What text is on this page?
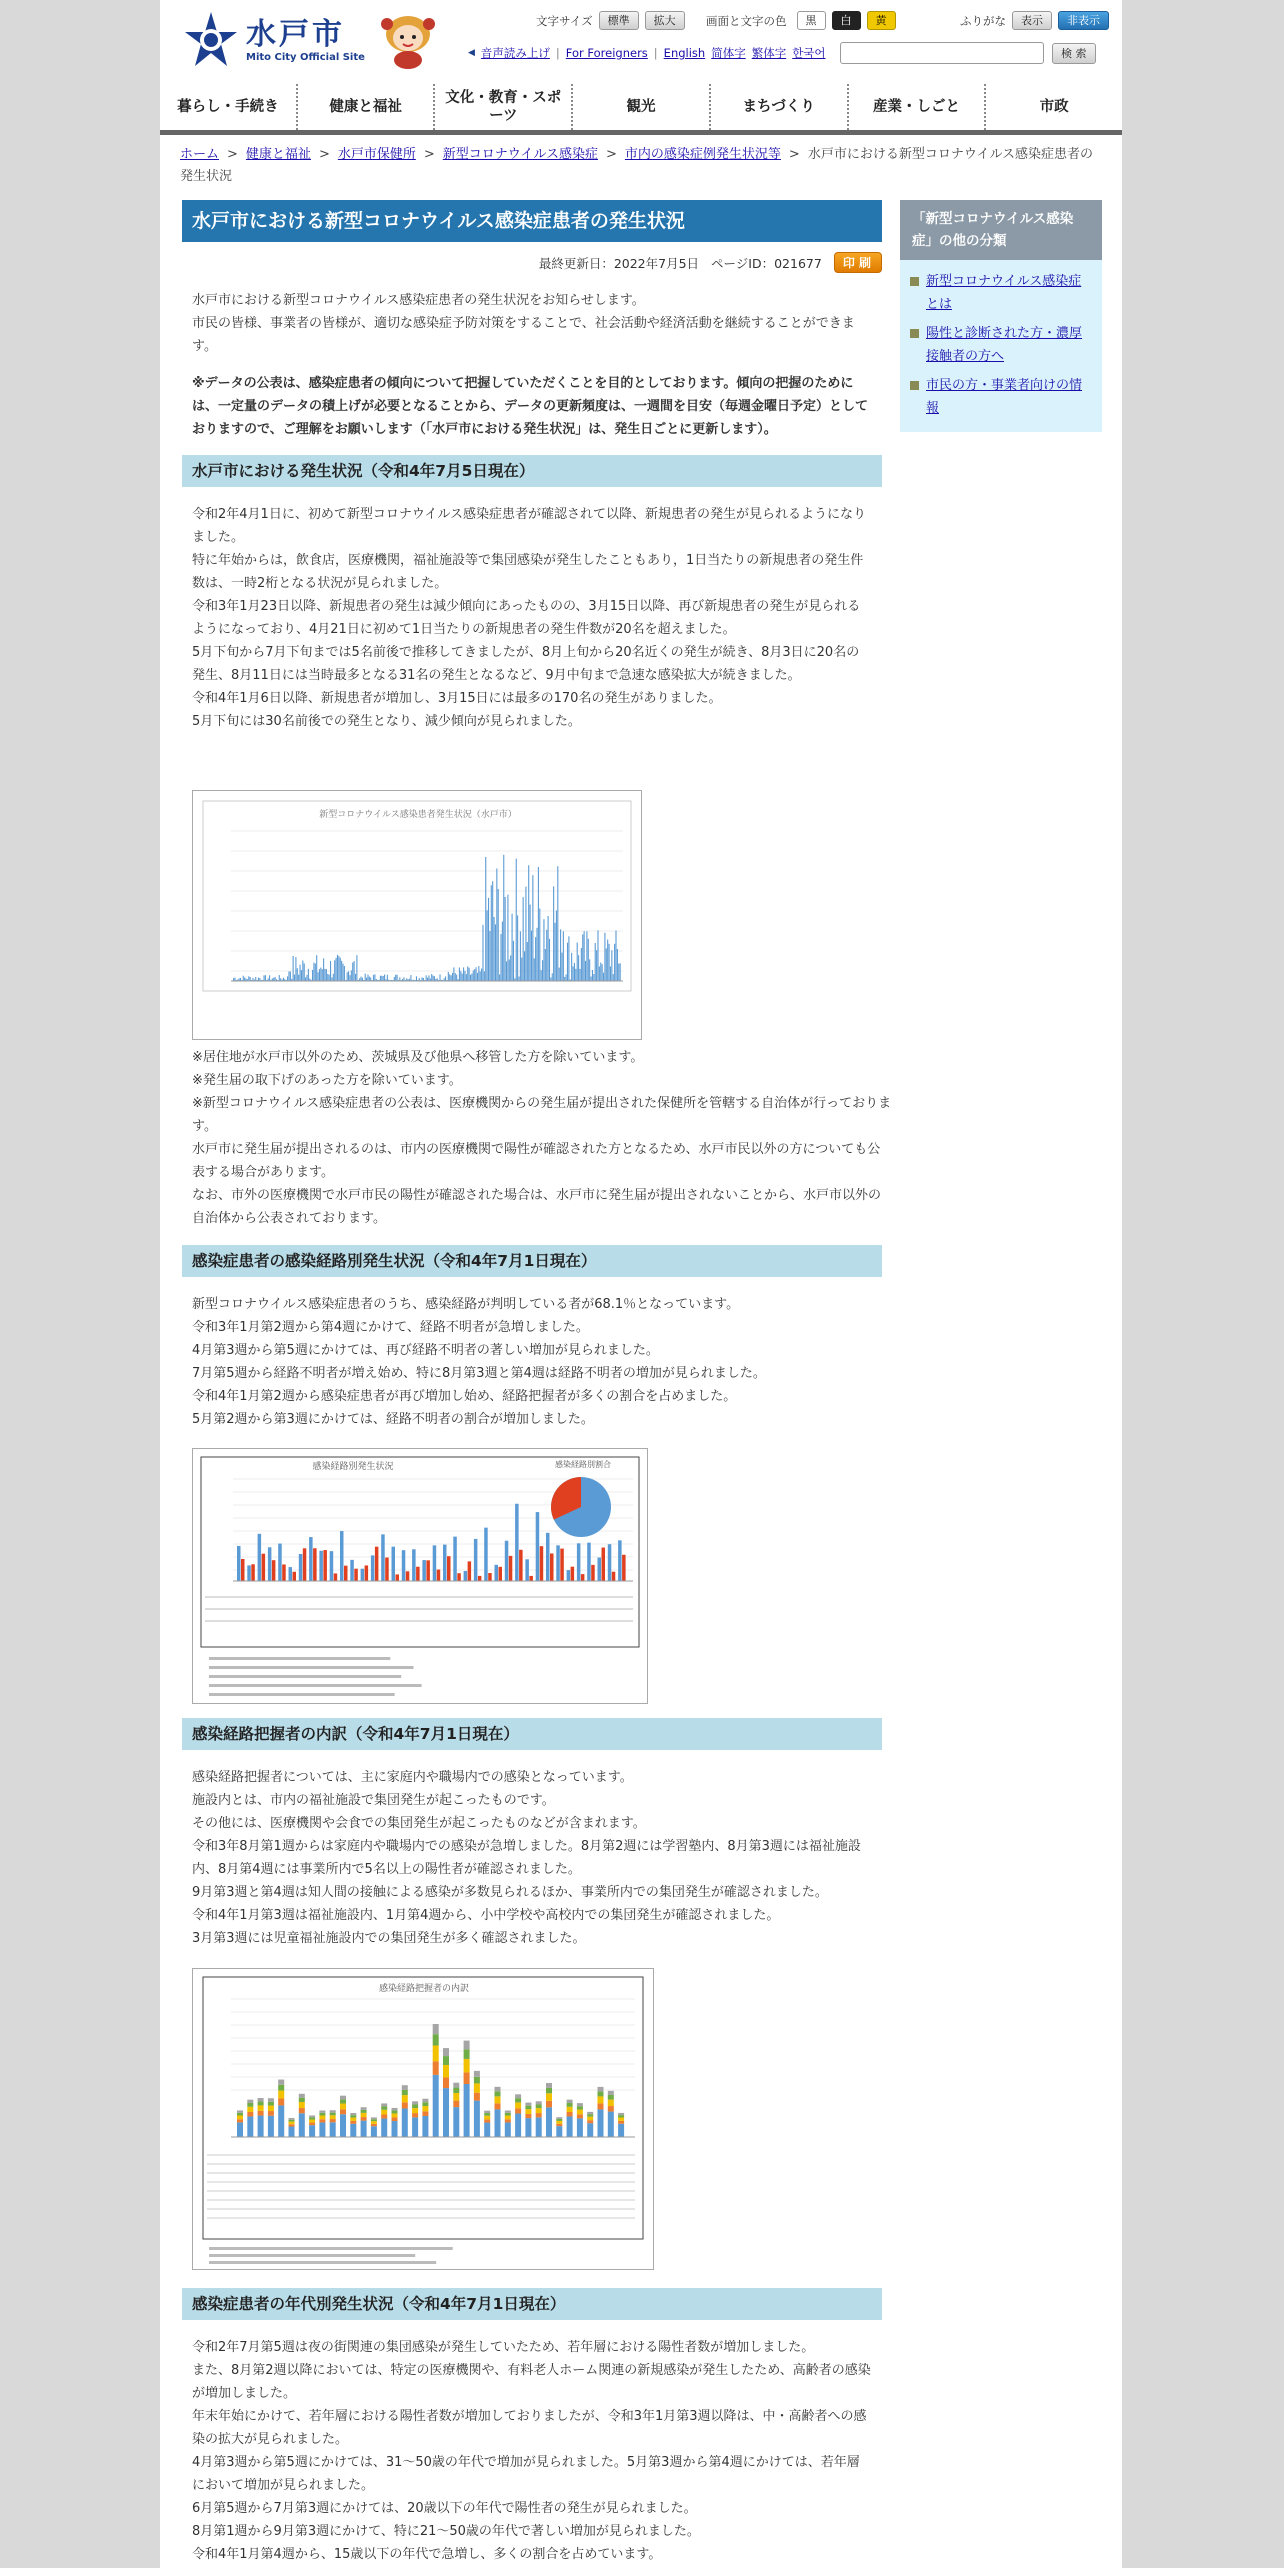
水戸市
Mito City Official Site
文字サイズ	標準	拡大	画面と文字の色	黒	白	黄	ふりがな	表示	非表示
◀ 音声読み上げ | For Foreigners | English 简体字 繁体字 한국어	検 索
暮らし・手続き	健康と福祉
文化・教育・スポーツ
観光	まちづくり	産業・しごと	市政
ホーム > 健康と福祉 > 水戸市保健所 > 新型コロナウイルス感染症 > 市内の感染症例発生状況等 > 水戸市における新型コロナウイルス感染症患者の発生状況
水戸市における新型コロナウイルス感染症患者の発生状況
最終更新日：2022年7月5日 ページID：021677	印 刷

水戸市における新型コロナウイルス感染症患者の発生状況をお知らせします。
市民の皆様、事業者の皆様が、適切な感染症予防対策をすることで、社会活動や経済活動を継続することができます。

※データの公表は、感染症患者の傾向について把握していただくことを目的としております。傾向の把握のためには、一定量のデータの積上げが必要となることから、データの更新頻度は、一週間を目安（毎週金曜日予定）としておりますので、ご理解をお願いします（「水戸市における発生状況」は、発生日ごとに更新します）。

水戸市における発生状況（令和4年7月5日現在）

令和2年4月1日に、初めて新型コロナウイルス感染症患者が確認されて以降、新規患者の発生が見られるようになりました。
特に年始からは，飲食店，医療機関，福祉施設等で集団感染が発生したこともあり，1日当たりの新規患者の発生件数は、一時2桁となる状況が見られました。
令和3年1月23日以降、新規患者の発生は減少傾向にあったものの、3月15日以降、再び新規患者の発生が見られるようになっており、4月21日に初めて1日当たりの新規患者の発生件数が20名を超えました。
5月下旬から7月下旬までは5名前後で推移してきましたが、8月上旬から20名近くの発生が続き、8月3日に20名の発生、8月11日には当時最多となる31名の発生となるなど、9月中旬まで急速な感染拡大が続きました。
令和4年1月6日以降、新規患者が増加し、3月15日には最多の170名の発生がありました。
5月下旬には30名前後での発生となり、減少傾向が見られました。

新型コロナウイルス感染患者発生状況（水戸市）
※居住地が水戸市以外のため、茨城県及び他県へ移管した方を除いています。
※発生届の取下げのあった方を除いています。
※新型コロナウイルス感染症患者の公表は、医療機関からの発生届が提出された保健所を管轄する自治体が行っております。
水戸市に発生届が提出されるのは、市内の医療機関で陽性が確認された方となるため、水戸市民以外の方についても公表する場合があります。
なお、市外の医療機関で水戸市民の陽性が確認された場合は、水戸市に発生届が提出されないことから、水戸市以外の自治体から公表されております。
感染症患者の感染経路別発生状況（令和4年7月1日現在）

新型コロナウイルス感染症患者のうち、感染経路が判明している者が68.1％となっています。
令和3年1月第2週から第4週にかけて、経路不明者が急増しました。
4月第3週から第5週にかけては、再び経路不明者の著しい増加が見られました。
7月第5週から経路不明者が増え始め、特に8月第3週と第4週は経路不明者の増加が見られました。
令和4年1月第2週から感染症患者が再び増加し始め、経路把握者が多くの割合を占めました。
5月第2週から第3週にかけては、経路不明者の割合が増加しました。

感染経路別発生状況	感染経路別割合
感染経路把握者の内訳（令和4年7月1日現在）

感染経路把握者については、主に家庭内や職場内での感染となっています。
施設内とは、市内の福祉施設で集団発生が起こったものです。
その他には、医療機関や会食での集団発生が起こったものなどが含まれます。
令和3年8月第1週からは家庭内や職場内での感染が急増しました。8月第2週には学習塾内、8月第3週には福祉施設内、8月第4週には事業所内で5名以上の陽性者が確認されました。
9月第3週と第4週は知人間の接触による感染が多数見られるほか、事業所内での集団発生が確認されました。
令和4年1月第3週は福祉施設内、1月第4週から、小中学校や高校内での集団発生が確認されました。
3月第3週には児童福祉施設内での集団発生が多く確認されました。

感染経路把握者の内訳
感染症患者の年代別発生状況（令和4年7月1日現在）

令和2年7月第5週は夜の街関連の集団感染が発生していたため、若年層における陽性者数が増加しました。
また、8月第2週以降においては、特定の医療機関や、有料老人ホーム関連の新規感染が発生したため、高齢者の感染が増加しました。
年末年始にかけて、若年層における陽性者数が増加しておりましたが、令和3年1月第3週以降は、中・高齢者への感染の拡大が見られました。
4月第3週から第5週にかけては、31～50歳の年代で増加が見られました。5月第3週から第4週にかけては、若年層において増加が見られました。
6月第5週から7月第3週にかけては、20歳以下の年代で陽性者の発生が見られました。
8月第1週から9月第3週にかけて、特に21～50歳の年代で著しい増加が見られました。
令和4年1月第4週から、15歳以下の年代で急増し、多くの割合を占めています。

「新型コロナウイルス感染症」の他の分類
新型コロナウイルス感染症とは
陽性と診断された方・濃厚接触者の方へ
市民の方・事業者向けの情報
